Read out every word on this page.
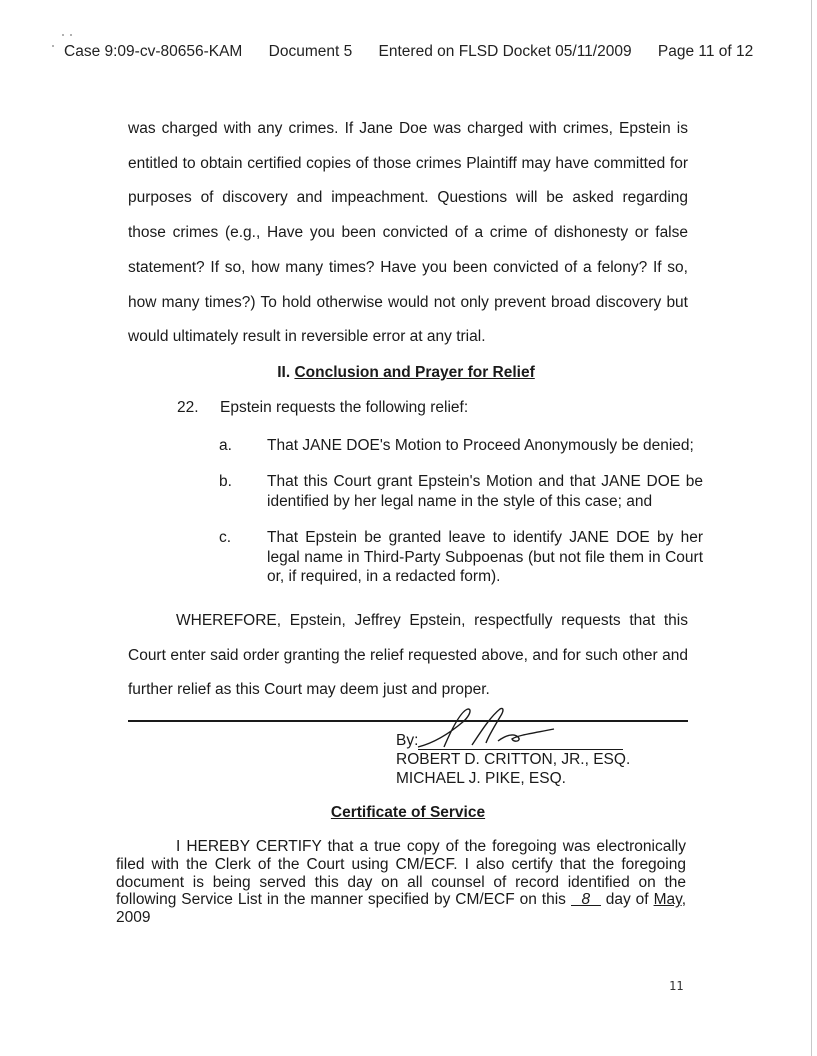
Case 9:09-cv-80656-KAM Document 5 Entered on FLSD Docket 05/11/2009 Page 11 of 12

was charged with any crimes. If Jane Doe was charged with crimes, Epstein is entitled to obtain certified copies of those crimes Plaintiff may have committed for purposes of discovery and impeachment. Questions will be asked regarding those crimes (e.g., Have you been convicted of a crime of dishonesty or false statement? If so, how many times? Have you been convicted of a felony? If so, how many times?) To hold otherwise would not only prevent broad discovery but would ultimately result in reversible error at any trial.

II. Conclusion and Prayer for Relief
22. Epstein requests the following relief:
a. That JANE DOE's Motion to Proceed Anonymously be denied;
b. That this Court grant Epstein's Motion and that JANE DOE be identified by her legal name in the style of this case; and
c. That Epstein be granted leave to identify JANE DOE by her legal name in Third-Party Subpoenas (but not file them in Court or, if required, in a redacted form).

WHEREFORE, Epstein, Jeffrey Epstein, respectfully requests that this Court enter said order granting the relief requested above, and for such other and further relief as this Court may deem just and proper.

By:
ROBERT D. CRITTON, JR., ESQ.
MICHAEL J. PIKE, ESQ.
Certificate of Service
I HEREBY CERTIFY that a true copy of the foregoing was electronically filed with the Clerk of the Court using CM/ECF. I also certify that the foregoing document is being served this day on all counsel of record identified on the following Service List in the manner specified by CM/ECF on this 8 day of May, 2009
11
